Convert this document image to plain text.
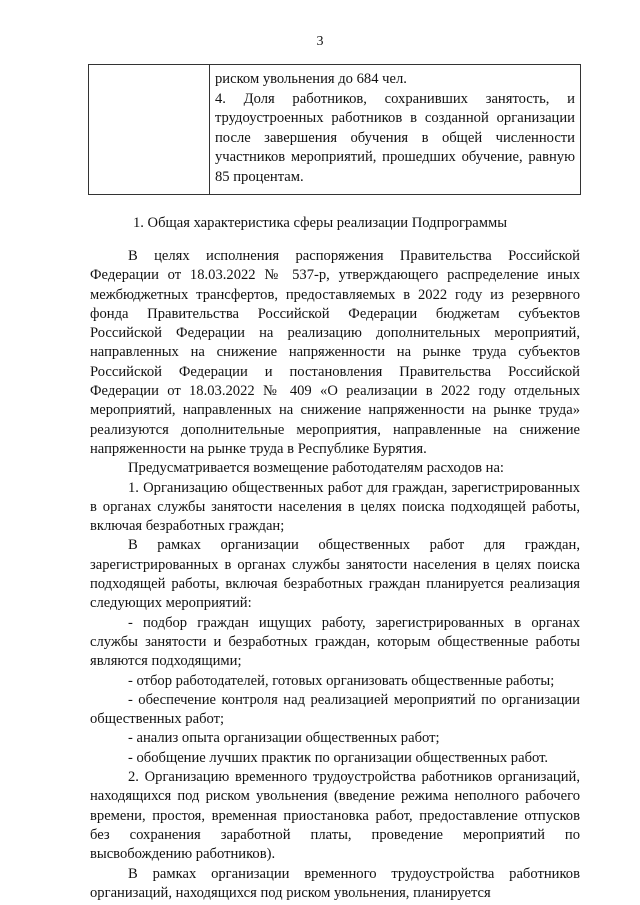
3

риском увольнения до 684 чел.

4. Доля работников, сохранивших занятость, и трудоустроенных работников в созданной организации после завершения обучения в общей численности участников мероприятий, прошедших обучение, равную 85 процентам.

1. Общая характеристика сферы реализации Подпрограммы

В целях исполнения распоряжения Правительства Российской Федерации от 18.03.2022 № 537-р, утверждающего распределение иных межбюджетных трансфертов, предоставляемых в 2022 году из резервного фонда Правительства Российской Федерации бюджетам субъектов Российской Федерации на реализацию дополнительных мероприятий, направленных на снижение напряженности на рынке труда субъектов Российской Федерации и постановления Правительства Российской Федерации от 18.03.2022 № 409 «О реализации в 2022 году отдельных мероприятий, направленных на снижение напряженности на рынке труда» реализуются дополнительные мероприятия, направленные на снижение напряженности на рынке труда в Республике Бурятия.

Предусматривается возмещение работодателям расходов на:

1. Организацию общественных работ для граждан, зарегистрированных в органах службы занятости населения в целях поиска подходящей работы, включая безработных граждан;

В рамках организации общественных работ для граждан, зарегистрированных в органах службы занятости населения в целях поиска подходящей работы, включая безработных граждан планируется реализация следующих мероприятий:

- подбор граждан ищущих работу, зарегистрированных в органах службы занятости и безработных граждан, которым общественные работы являются подходящими;

- отбор работодателей, готовых организовать общественные работы;

- обеспечение контроля над реализацией мероприятий по организации общественных работ;

- анализ опыта организации общественных работ;

- обобщение лучших практик по организации общественных работ.

2. Организацию временного трудоустройства работников организаций, находящихся под риском увольнения (введение режима неполного рабочего времени, простоя, временная приостановка работ, предоставление отпусков без сохранения заработной платы, проведение мероприятий по высвобождению работников).

В рамках организации временного трудоустройства работников организаций, находящихся под риском увольнения, планируется
